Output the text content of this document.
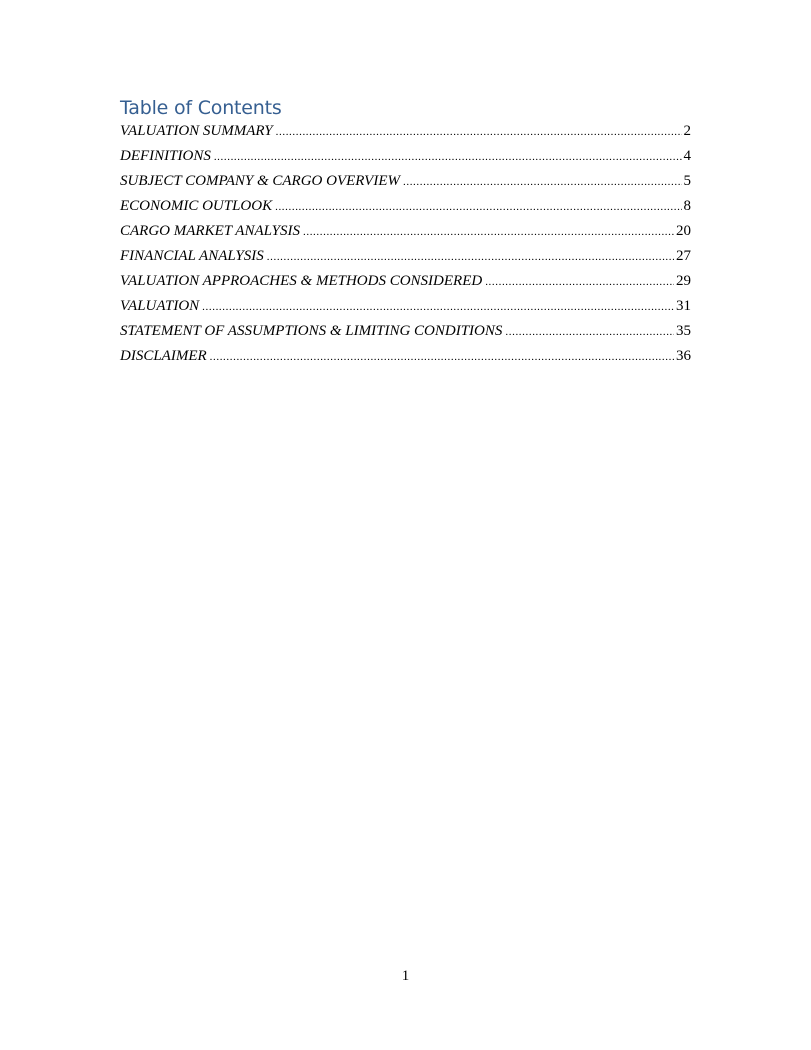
Table of Contents
VALUATION SUMMARY .....	2
DEFINITIONS .....	4
SUBJECT COMPANY & CARGO OVERVIEW .....	5
ECONOMIC OUTLOOK .....	8
CARGO MARKET ANALYSIS .....	20
FINANCIAL ANALYSIS .....	27
VALUATION APPROACHES & METHODS CONSIDERED .....	29
VALUATION .....	31
STATEMENT OF ASSUMPTIONS & LIMITING CONDITIONS .....	35
DISCLAIMER .....	36
1
